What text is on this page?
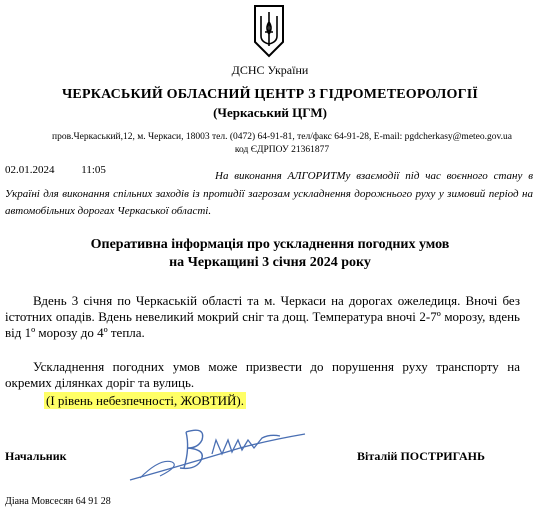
ДСНС України
ЧЕРКАСЬКИЙ ОБЛАСНИЙ ЦЕНТР З ГІДРОМЕТЕОРОЛОГІЇ
(Черкаський ЦГМ)
пров.Черкаський,12, м. Черкаси, 18003 тел. (0472) 64-91-81, тел/факс 64-91-28, E-mail: pgdcherkasy@meteo.gov.ua
код ЄДРПОУ 21361877
02.01.2024 11:05	На виконання АЛГОРИТМу взаємодії під час воєнного стану в Україні для виконання спільних заходів із протидії загрозам ускладнення дорожнього руху у зимовий період на автомобільних дорогах Черкаської області.
Оперативна інформація про ускладнення погодних умов
на Черкащині 3 січня 2024 року
Вдень 3 січня по Черкаській області та м. Черкаси на дорогах ожеледиця. Вночі без істотних опадів. Вдень невеликий мокрий сніг та дощ. Температура вночі 2-7º морозу, вдень від 1º морозу до 4º тепла.
Ускладнення погодних умов може призвести до порушення руху транспорту на окремих ділянках доріг та вулиць.
(І рівень небезпечності, ЖОВТИЙ).
Начальник	Віталій ПОСТРИГАНЬ
Діана Мовсесян 64 91 28
